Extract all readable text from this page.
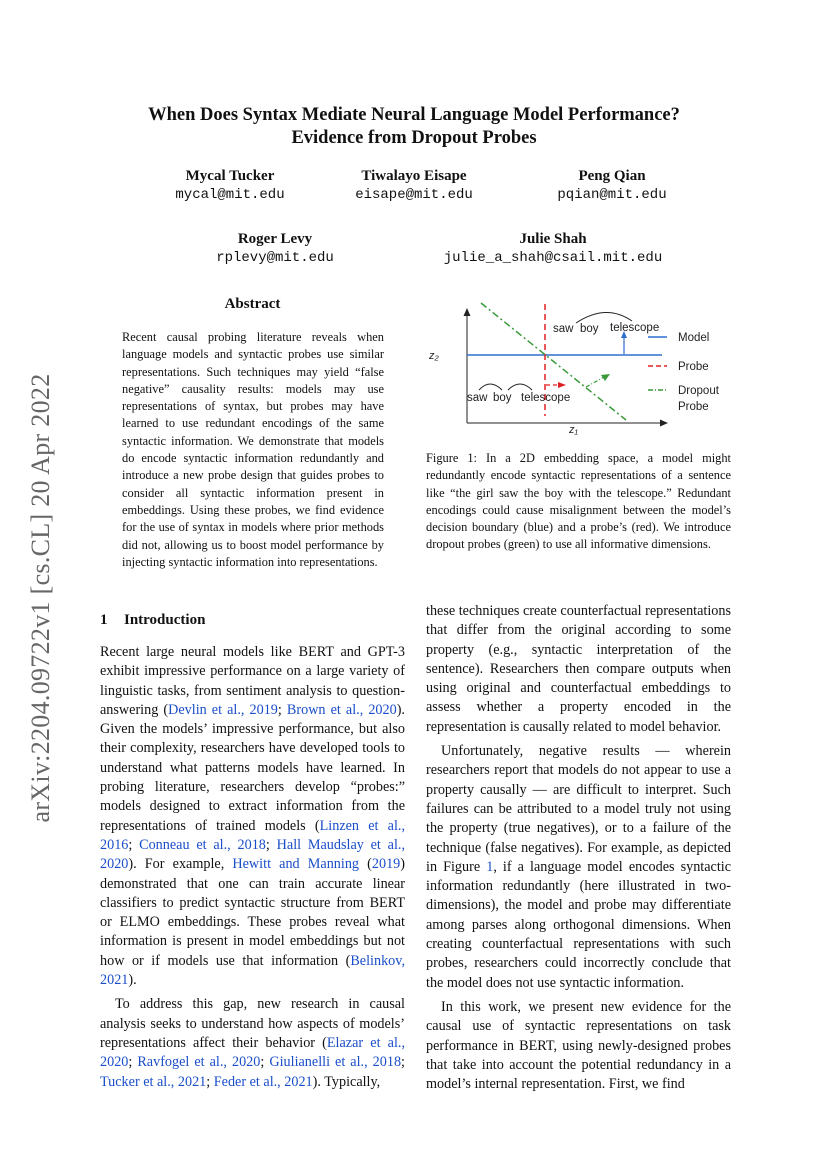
arXiv:2204.09722v1 [cs.CL] 20 Apr 2022
When Does Syntax Mediate Neural Language Model Performance?
Evidence from Dropout Probes
Mycal Tucker
mycal@mit.edu
Tiwalayo Eisape
eisape@mit.edu
Peng Qian
pqian@mit.edu
Roger Levy
rplevy@mit.edu
Julie Shah
julie_a_shah@csail.mit.edu
Abstract
Recent causal probing literature reveals when language models and syntactic probes use similar representations. Such techniques may yield “false negative” causality results: models may use representations of syntax, but probes may have learned to use redundant encodings of the same syntactic information. We demonstrate that models do encode syntactic information redundantly and introduce a new probe design that guides probes to consider all syntactic information present in embeddings. Using these probes, we find evidence for the use of syntax in models where prior methods did not, allowing us to boost model performance by injecting syntactic information into representations.
z₂
z₁
saw boy telescope
saw boy telescope
Model
Probe
Dropout
Probe
Figure 1: In a 2D embedding space, a model might redundantly encode syntactic representations of a sentence like “the girl saw the boy with the telescope.” Redundant encodings could cause misalignment between the model’s decision boundary (blue) and a probe’s (red). We introduce dropout probes (green) to use all informative dimensions.
1 Introduction

Recent large neural models like BERT and GPT-3 exhibit impressive performance on a large variety of linguistic tasks, from sentiment analysis to question-answering (Devlin et al., 2019; Brown et al., 2020). Given the models’ impressive performance, but also their complexity, researchers have developed tools to understand what patterns models have learned. In probing literature, researchers develop “probes:” models designed to extract information from the representations of trained models (Linzen et al., 2016; Conneau et al., 2018; Hall Maudslay et al., 2020). For example, Hewitt and Manning (2019) demonstrated that one can train accurate linear classifiers to predict syntactic structure from BERT or ELMO embeddings. These probes reveal what information is present in model embeddings but not how or if models use that information (Belinkov, 2021).

To address this gap, new research in causal analysis seeks to understand how aspects of models’ representations affect their behavior (Elazar et al., 2020; Ravfogel et al., 2020; Giulianelli et al., 2018; Tucker et al., 2021; Feder et al., 2021). Typically,

these techniques create counterfactual representations that differ from the original according to some property (e.g., syntactic interpretation of the sentence). Researchers then compare outputs when using original and counterfactual embeddings to assess whether a property encoded in the representation is causally related to model behavior.

Unfortunately, negative results — wherein researchers report that models do not appear to use a property causally — are difficult to interpret. Such failures can be attributed to a model truly not using the property (true negatives), or to a failure of the technique (false negatives). For example, as depicted in Figure 1, if a language model encodes syntactic information redundantly (here illustrated in two-dimensions), the model and probe may differentiate among parses along orthogonal dimensions. When creating counterfactual representations with such probes, researchers could incorrectly conclude that the model does not use syntactic information.

In this work, we present new evidence for the causal use of syntactic representations on task performance in BERT, using newly-designed probes that take into account the potential redundancy in a model’s internal representation. First, we find
